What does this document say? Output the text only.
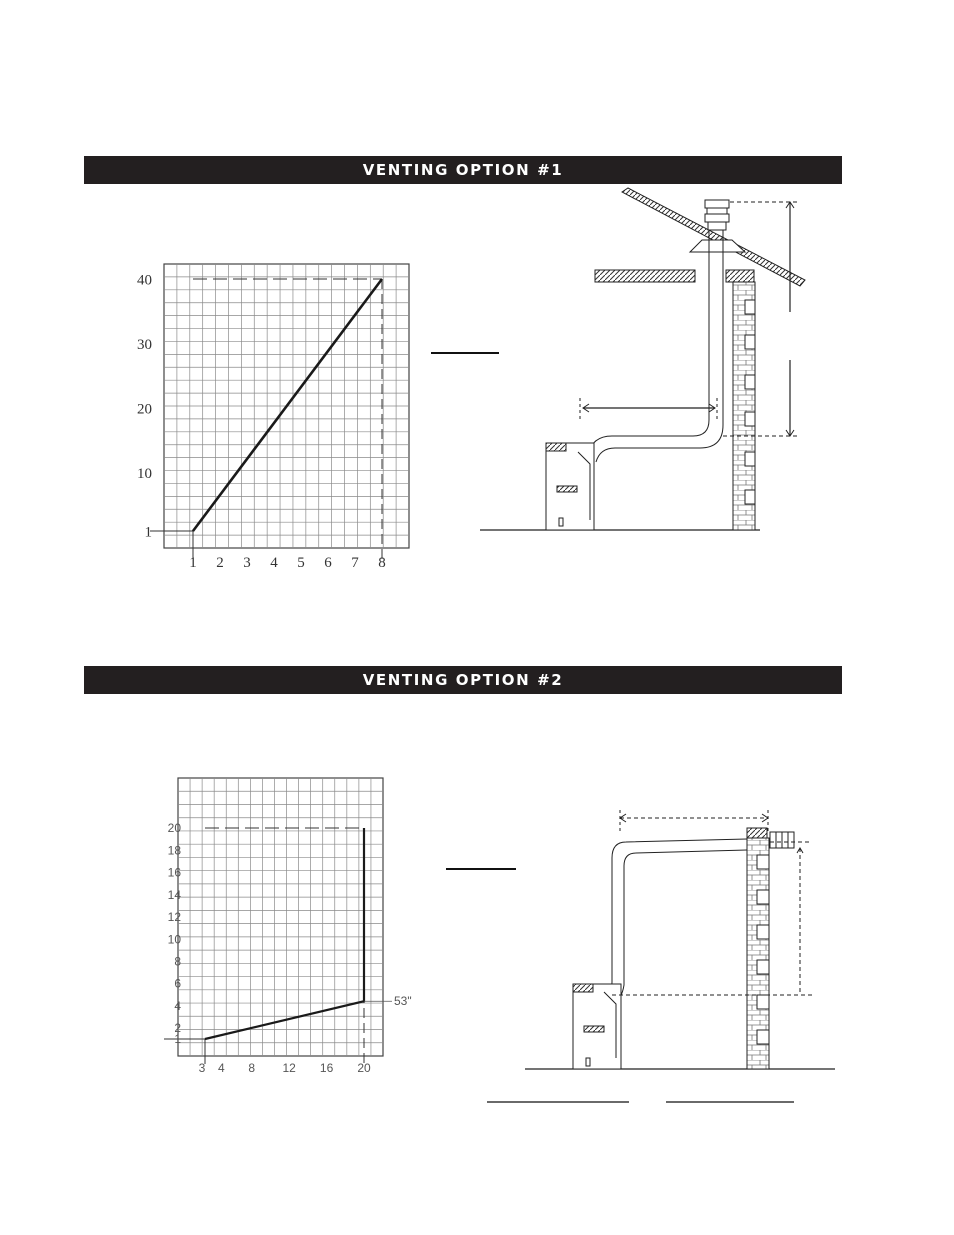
VENTING OPTION #1
VENTING OPTION #2
1
10
20
30
40
1 2 3 4 5 6 7 8
1
2
4
6
8
10
12
14
16
18
20
3 4 8 12 16 20
53"
